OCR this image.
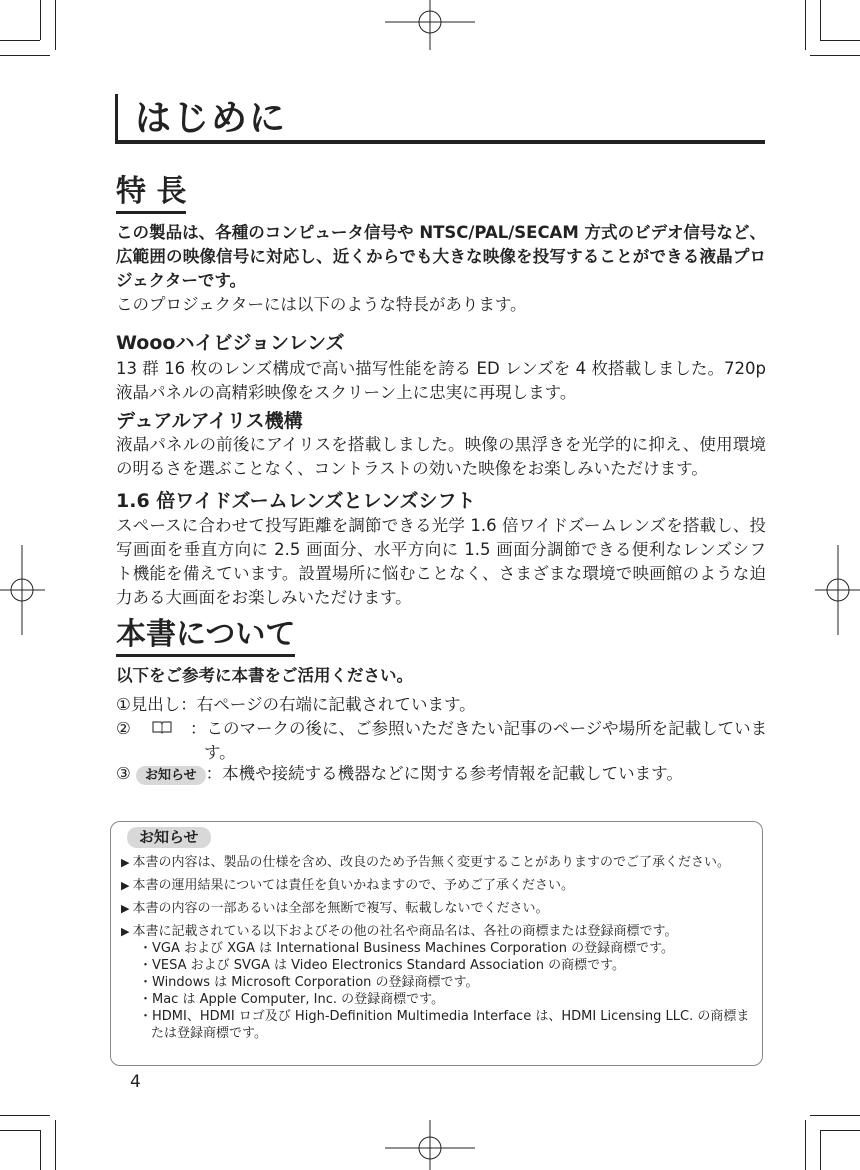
はじめに
特 長
この製品は、各種のコンピュータ信号や NTSC/PAL/SECAM 方式のビデオ信号など、広範囲の映像信号に対応し、近くからでも大きな映像を投写することができる液晶プロジェクターです。
このプロジェクターには以下のような特長があります。
Woooハイビジョンレンズ
13 群 16 枚のレンズ構成で高い描写性能を誇る ED レンズを 4 枚搭載しました。720p 液晶パネルの高精彩映像をスクリーン上に忠実に再現します。
デュアルアイリス機構
液晶パネルの前後にアイリスを搭載しました。映像の黒浮きを光学的に抑え、使用環境の明るさを選ぶことなく、コントラストの効いた映像をお楽しみいただけます。
1.6 倍ワイドズームレンズとレンズシフト
スペースに合わせて投写距離を調節できる光学 1.6 倍ワイドズームレンズを搭載し、投写画面を垂直方向に 2.5 画面分、水平方向に 1.5 画面分調節できる便利なレンズシフト機能を備えています。設置場所に悩むことなく、さまざまな環境で映画館のような迫力ある大画面をお楽しみいただけます。
本書について
以下をご参考に本書をご活用ください。
①見出し：右ページの右端に記載されています。
②	：このマークの後に、ご参照いただきたい記事のページや場所を記載しています。
③ お知らせ ：本機や接続する機器などに関する参考情報を記載しています。
お知らせ
▶ 本書の内容は、製品の仕様を含め、改良のため予告無く変更することがありますのでご了承ください。
▶ 本書の運用結果については責任を負いかねますので、予めご了承ください。
▶ 本書の内容の一部あるいは全部を無断で複写、転載しないでください。
▶ 本書に記載されている以下およびその他の社名や商品名は、各社の商標または登録商標です。
・VGA および XGA は International Business Machines Corporation の登録商標です。
・VESA および SVGA は Video Electronics Standard Association の商標です。
・Windows は Microsoft Corporation の登録商標です。
・Mac は Apple Computer, Inc. の登録商標です。
・HDMI、HDMI ロゴ及び High-Definition Multimedia Interface は、HDMI Licensing LLC. の商標または登録商標です。
4
